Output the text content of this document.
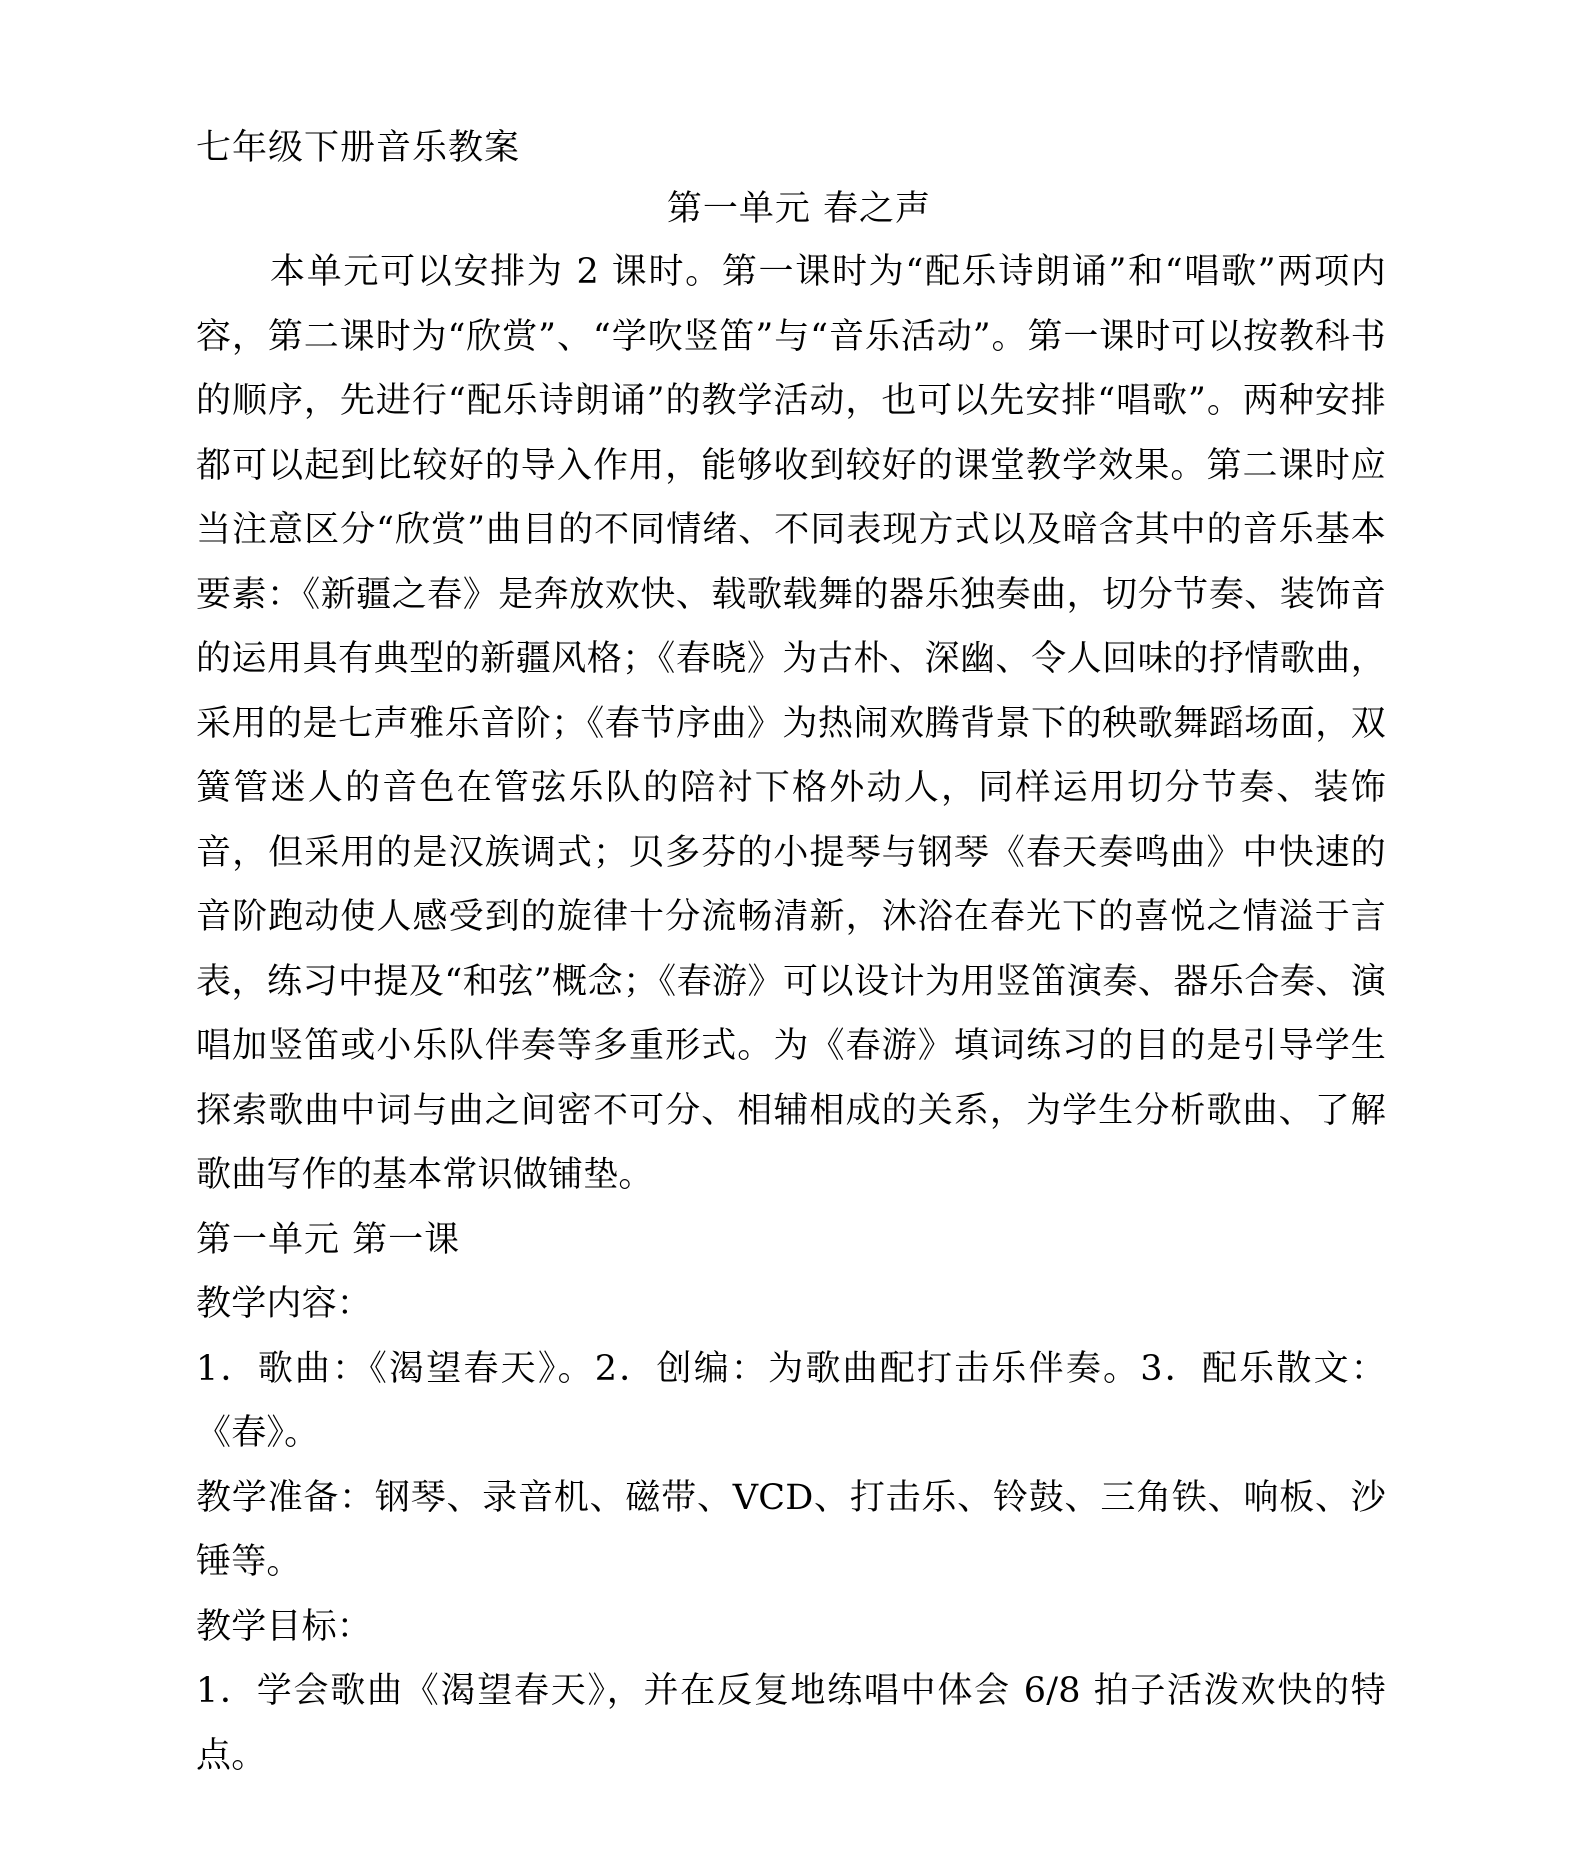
七年级下册音乐教案
第一单元 春之声
本单元可以安排为 2 课时。第一课时为“配乐诗朗诵”和“唱歌”两项内容，第二课时为“欣赏”、“学吹竖笛”与“音乐活动”。第一课时可以按教科书的顺序，先进行“配乐诗朗诵”的教学活动，也可以先安排“唱歌”。两种安排都可以起到比较好的导入作用，能够收到较好的课堂教学效果。第二课时应当注意区分“欣赏”曲目的不同情绪、不同表现方式以及暗含其中的音乐基本要素：《新疆之春》是奔放欢快、载歌载舞的器乐独奏曲，切分节奏、装饰音的运用具有典型的新疆风格；《春晓》为古朴、深幽、令人回味的抒情歌曲，采用的是七声雅乐音阶；《春节序曲》为热闹欢腾背景下的秧歌舞蹈场面，双簧管迷人的音色在管弦乐队的陪衬下格外动人，同样运用切分节奏、装饰音，但采用的是汉族调式；贝多芬的小提琴与钢琴《春天奏鸣曲》中快速的音阶跑动使人感受到的旋律十分流畅清新，沐浴在春光下的喜悦之情溢于言表，练习中提及“和弦”概念；《春游》可以设计为用竖笛演奏、器乐合奏、演唱加竖笛或小乐队伴奏等多重形式。为《春游》填词练习的目的是引导学生探索歌曲中词与曲之间密不可分、相辅相成的关系，为学生分析歌曲、了解歌曲写作的基本常识做铺垫。
第一单元 第一课
教学内容：
1．歌曲：《渴望春天》。2．创编：为歌曲配打击乐伴奏。3．配乐散文：《春》。
教学准备：钢琴、录音机、磁带、VCD、打击乐、铃鼓、三角铁、响板、沙锤等。
教学目标：
1．学会歌曲《渴望春天》，并在反复地练唱中体会 6/8 拍子活泼欢快的特点。
